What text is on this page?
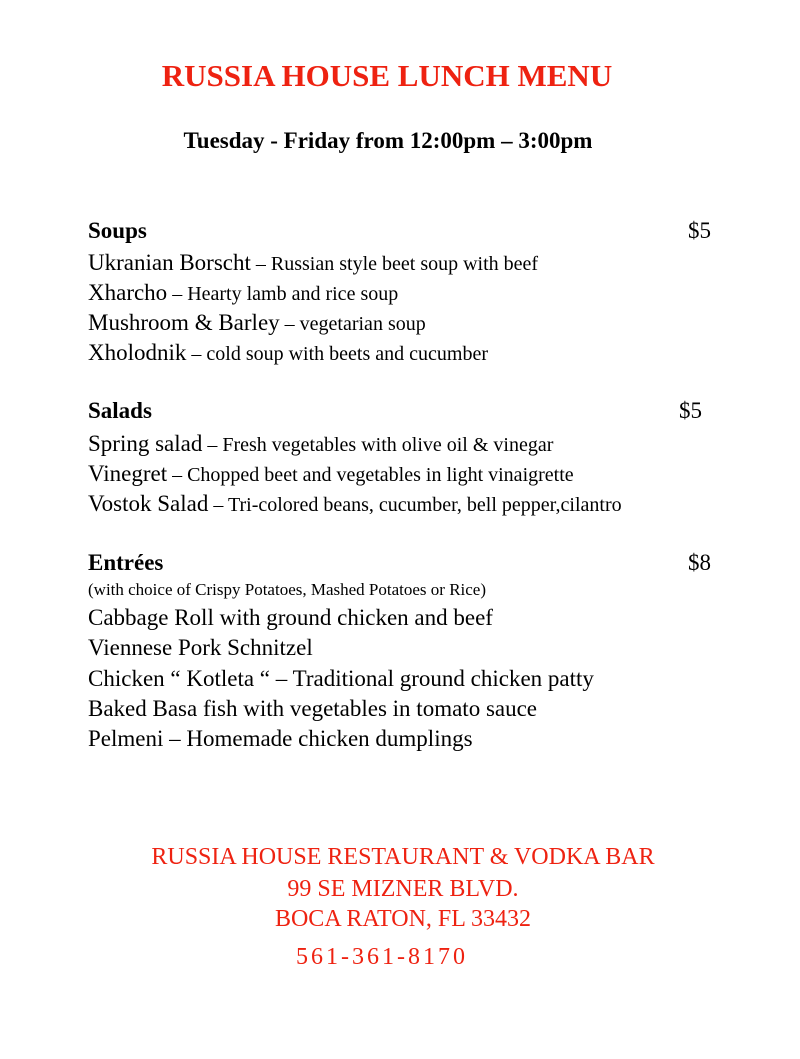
RUSSIA HOUSE LUNCH MENU
Tuesday - Friday from 12:00pm – 3:00pm
Soups	$5
Ukranian Borscht – Russian style beet soup with beef
Xharcho – Hearty lamb and rice soup
Mushroom & Barley – vegetarian soup
Xholodnik – cold soup with beets and cucumber
Salads	$5
Spring salad – Fresh vegetables with olive oil & vinegar
Vinegret – Chopped beet and vegetables in light vinaigrette
Vostok Salad – Tri-colored beans, cucumber, bell pepper,cilantro
Entrées	$8
(with choice of Crispy Potatoes, Mashed Potatoes or Rice)
Cabbage Roll with ground chicken and beef
Viennese Pork Schnitzel
Chicken “ Kotleta “ – Traditional ground chicken patty
Baked Basa fish with vegetables in tomato sauce
Pelmeni – Homemade chicken dumplings
RUSSIA HOUSE RESTAURANT & VODKA BAR
99 SE MIZNER BLVD.
BOCA RATON, FL 33432
561-361-8170
